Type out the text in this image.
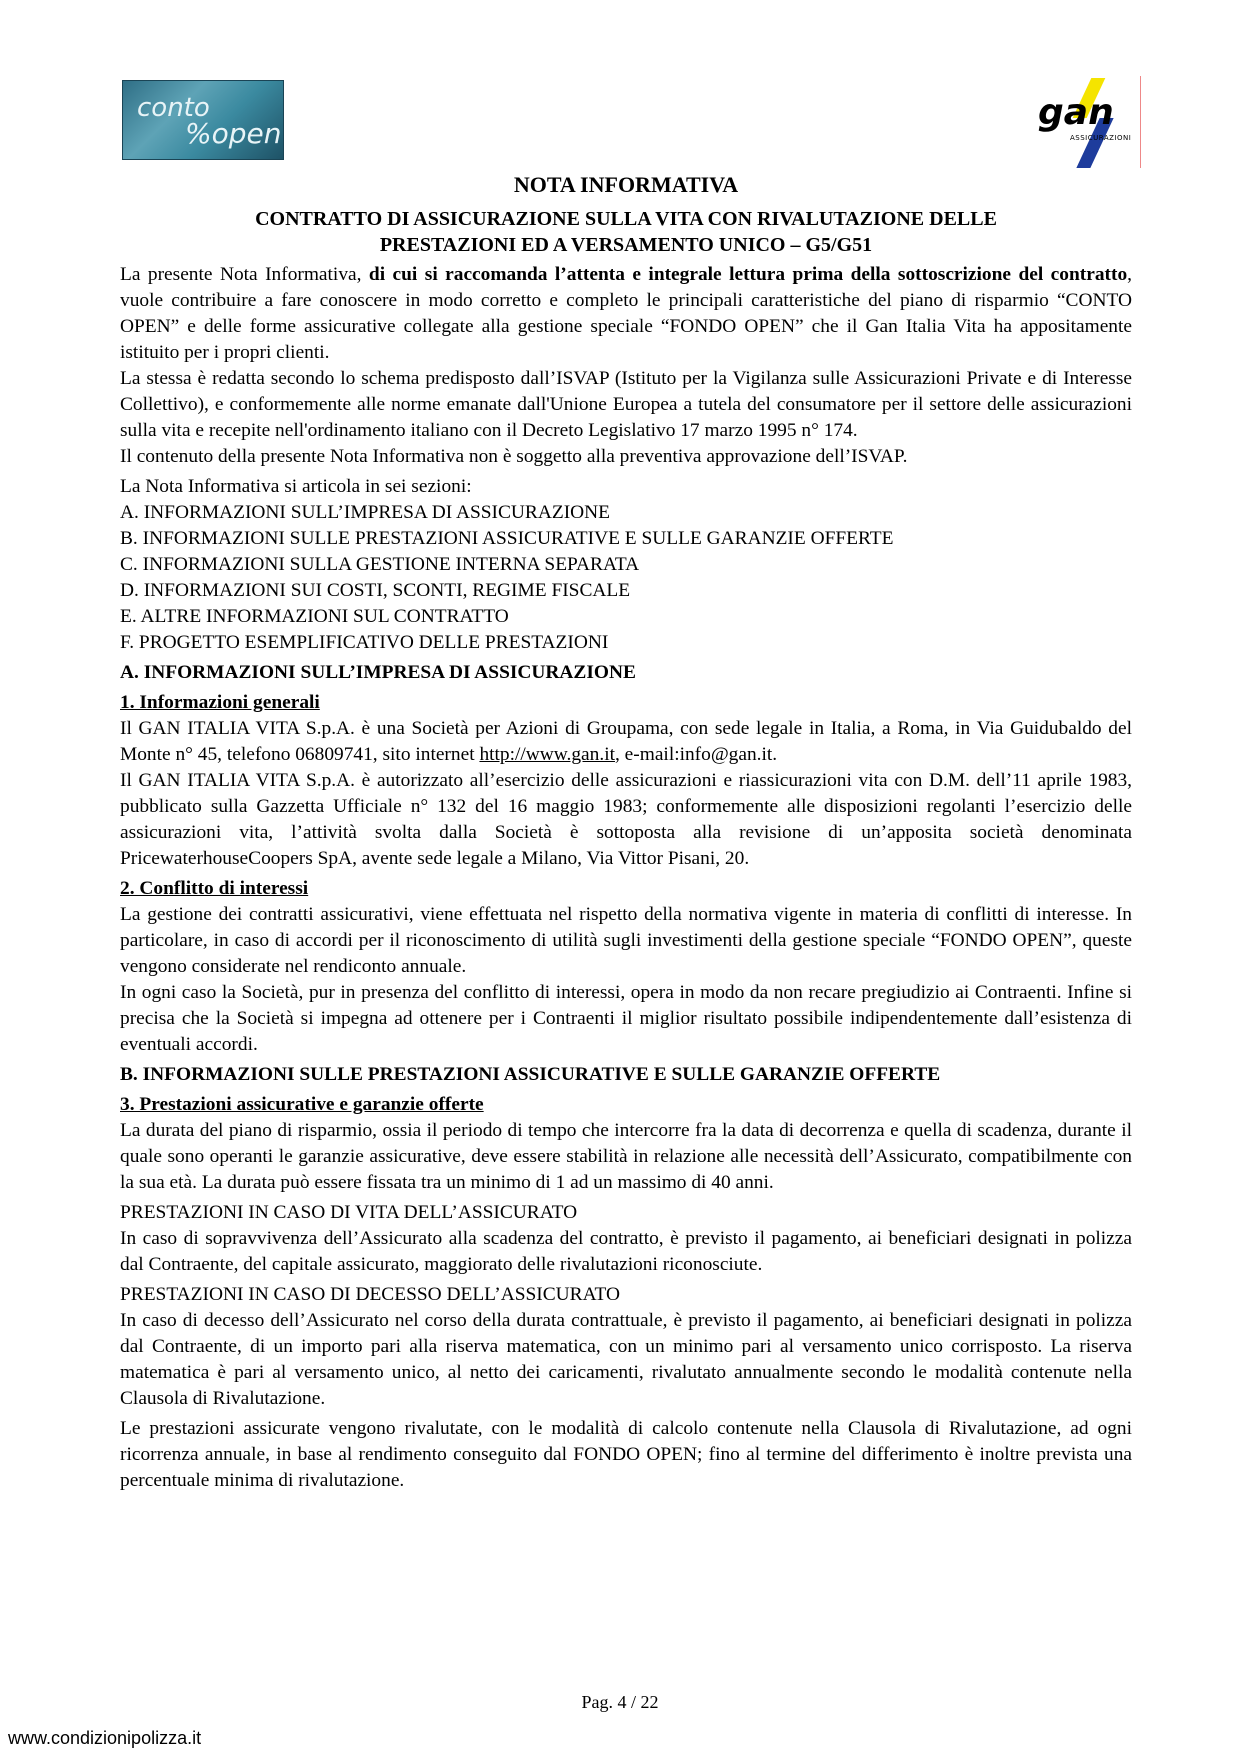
conto
%open
gan
ASSICURAZIONI
NOTA INFORMATIVA
CONTRATTO DI ASSICURAZIONE SULLA VITA CON RIVALUTAZIONE DELLE
PRESTAZIONI ED A VERSAMENTO UNICO – G5/G51

La presente Nota Informativa, di cui si raccomanda l’attenta e integrale lettura prima della sottoscrizione del contratto, vuole contribuire a fare conoscere in modo corretto e completo le principali caratteristiche del piano di risparmio “CONTO OPEN” e delle forme assicurative collegate alla gestione speciale “FONDO OPEN” che il Gan Italia Vita ha appositamente istituito per i propri clienti.

La stessa è redatta secondo lo schema predisposto dall’ISVAP (Istituto per la Vigilanza sulle Assicurazioni Private e di Interesse Collettivo), e conformemente alle norme emanate dall'Unione Europea a tutela del consumatore per il settore delle assicurazioni sulla vita e recepite nell'ordinamento italiano con il Decreto Legislativo 17 marzo 1995 n° 174.

Il contenuto della presente Nota Informativa non è soggetto alla preventiva approvazione dell’ISVAP.

La Nota Informativa si articola in sei sezioni:

A. INFORMAZIONI SULL’IMPRESA DI ASSICURAZIONE
B. INFORMAZIONI SULLE PRESTAZIONI ASSICURATIVE E SULLE GARANZIE OFFERTE
C. INFORMAZIONI SULLA GESTIONE INTERNA SEPARATA
D. INFORMAZIONI SUI COSTI, SCONTI, REGIME FISCALE
E. ALTRE INFORMAZIONI SUL CONTRATTO
F. PROGETTO ESEMPLIFICATIVO DELLE PRESTAZIONI
A. INFORMAZIONI SULL’IMPRESA DI ASSICURAZIONE
1. Informazioni generali

Il GAN ITALIA VITA S.p.A. è una Società per Azioni di Groupama, con sede legale in Italia, a Roma, in Via Guidubaldo del Monte n° 45, telefono 06809741, sito internet http://www.gan.it, e-mail:info@gan.it.

Il GAN ITALIA VITA S.p.A. è autorizzato all’esercizio delle assicurazioni e riassicurazioni vita con D.M. dell’11 aprile 1983, pubblicato sulla Gazzetta Ufficiale n° 132 del 16 maggio 1983; conformemente alle disposizioni regolanti l’esercizio delle assicurazioni vita, l’attività svolta dalla Società è sottoposta alla revisione di un’apposita società denominata PricewaterhouseCoopers SpA, avente sede legale a Milano, Via Vittor Pisani, 20.

2. Conflitto di interessi

La gestione dei contratti assicurativi, viene effettuata nel rispetto della normativa vigente in materia di conflitti di interesse. In particolare, in caso di accordi per il riconoscimento di utilità sugli investimenti della gestione speciale “FONDO OPEN”, queste vengono considerate nel rendiconto annuale.

In ogni caso la Società, pur in presenza del conflitto di interessi, opera in modo da non recare pregiudizio ai Contraenti. Infine si precisa che la Società si impegna ad ottenere per i Contraenti il miglior risultato possibile indipendentemente dall’esistenza di eventuali accordi.

B. INFORMAZIONI SULLE PRESTAZIONI ASSICURATIVE E SULLE GARANZIE OFFERTE
3. Prestazioni assicurative e garanzie offerte

La durata del piano di risparmio, ossia il periodo di tempo che intercorre fra la data di decorrenza e quella di scadenza, durante il quale sono operanti le garanzie assicurative, deve essere stabilità in relazione alle necessità dell’Assicurato, compatibilmente con la sua età. La durata può essere fissata tra un minimo di 1 ad un massimo di 40 anni.

PRESTAZIONI IN CASO DI VITA DELL’ASSICURATO

In caso di sopravvivenza dell’Assicurato alla scadenza del contratto, è previsto il pagamento, ai beneficiari designati in polizza dal Contraente, del capitale assicurato, maggiorato delle rivalutazioni riconosciute.

PRESTAZIONI IN CASO DI DECESSO DELL’ASSICURATO

In caso di decesso dell’Assicurato nel corso della durata contrattuale, è previsto il pagamento, ai beneficiari designati in polizza dal Contraente, di un importo pari alla riserva matematica, con un minimo pari al versamento unico corrisposto. La riserva matematica è pari al versamento unico, al netto dei caricamenti, rivalutato annualmente secondo le modalità contenute nella Clausola di Rivalutazione.

Le prestazioni assicurate vengono rivalutate, con le modalità di calcolo contenute nella Clausola di Rivalutazione, ad ogni ricorrenza annuale, in base al rendimento conseguito dal FONDO OPEN; fino al termine del differimento è inoltre prevista una percentuale minima di rivalutazione.

Pag. 4 / 22
www.condizionipolizza.it
